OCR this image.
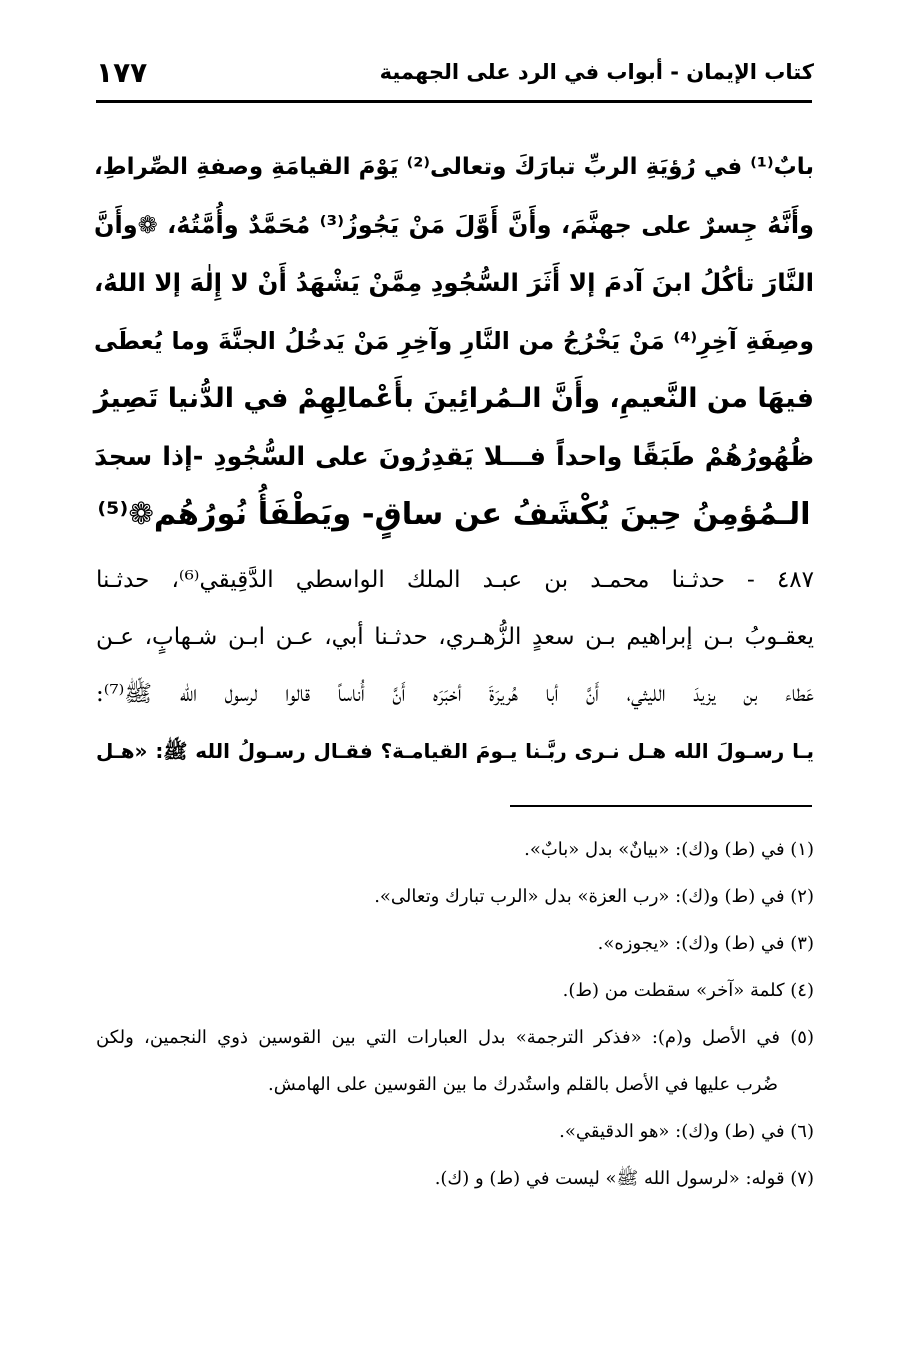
كتاب الإيمان - أبواب في الرد على الجهمية
١٧٧
بابٌ⁽¹⁾ في رُؤيَةِ الربِّ تبارَكَ وتعالى⁽²⁾ يَوْمَ القيامَةِ وصفةِ الصِّراطِ،
وأَنَّهُ جِسرٌ على جهنَّمَ، وأَنَّ أَوَّلَ مَنْ يَجُوزُ⁽³⁾ مُحَمَّدٌ وأُمَّتُهُ، ❁وأَنَّ
النَّارَ تأكُلُ ابنَ آدمَ إلا أَثَرَ السُّجُودِ مِمَّنْ يَشْهَدُ أَنْ لا إِلٰهَ إلا اللهُ،
وصِفَةِ آخِرِ⁽⁴⁾ مَنْ يَخْرُجُ من النَّارِ وآخِرِ مَنْ يَدخُلُ الجنَّةَ وما يُعطَى
فيهَا من النَّعيمِ، وأَنَّ الـمُرائِينَ بأَعْمالِهِمْ في الدُّنيا تَصِيرُ
ظُهُورُهُمْ طَبَقًا واحداً فـــلا يَقدِرُونَ على السُّجُودِ -إذا سجدَ
الـمُؤمِنُ حِينَ يُكْشَفُ عن ساقٍ- ويَطْفَأُ نُورُهُم❁⁽⁵⁾
٤٨٧ - حدثـنا محمـد بن عبـد الملك الواسطي الدَّقِيقي⁽⁶⁾، حدثـنا
يعقـوبُ بـن إبراهيم بـن سعدٍ الزُّهـري، حدثـنا أبي، عـن ابـن شـهابٍ، عـن
عَطاء بن يزيدَ الليثي، أَنَّ أبا هُريرَةَ أخبَرَه أَنَّ أُناساً قالوا لرسول الله ﷺ⁽⁷⁾:
يـا رسـولَ الله هـل نـرى ربَّـنا يـومَ القيامـة؟ فقـال رسـولُ الله ﷺ: «هـل
(١) في (ط) و(ك): «بيانٌ» بدل «بابٌ».
(٢) في (ط) و(ك): «رب العزة» بدل «الرب تبارك وتعالى».
(٣) في (ط) و(ك): «يجوزه».
(٤) كلمة «آخر» سقطت من (ط).
(٥) في الأصل و(م): «فذكر الترجمة» بدل العبارات التي بين القوسين ذوي النجمين، ولكن
ضُرب عليها في الأصل بالقلم واستُدرك ما بين القوسين على الهامش.
(٦) في (ط) و(ك): «هو الدقيقي».
(٧) قوله: «لرسول الله ﷺ» ليست في (ط) و (ك).
